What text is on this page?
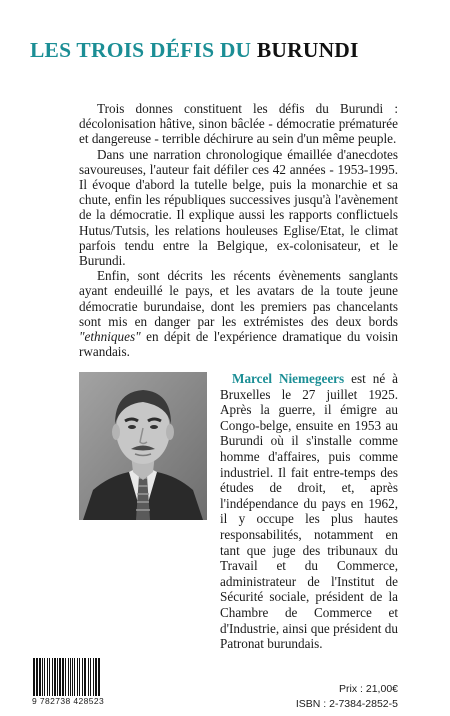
LES TROIS DÉFIS DU BURUNDI

Trois donnes constituent les défis du Burundi : décolonisation hâtive, sinon bâclée - démocratie prématurée et dangereuse - terrible déchirure au sein d'un même peuple.

Dans une narration chronologique émaillée d'anecdotes savoureuses, l'auteur fait défiler ces 42 années - 1953-1995. Il évoque d'abord la tutelle belge, puis la monarchie et sa chute, enfin les républiques successives jusqu'à l'avènement de la démocratie. Il explique aussi les rapports conflictuels Hutus/Tutsis, les relations houleuses Eglise/Etat, le climat parfois tendu entre la Belgique, ex-colonisateur, et le Burundi.

Enfin, sont décrits les récents évènements sanglants ayant endeuillé le pays, et les avatars de la toute jeune démocratie burundaise, dont les premiers pas chancelants sont mis en danger par les extrémistes des deux bords "ethniques" en dépit de l'expérience dramatique du voisin rwandais.

Marcel Niemegeers est né à Bruxelles le 27 juillet 1925. Après la guerre, il émigre au Congo-belge, ensuite en 1953 au Burundi où il s'installe comme homme d'affaires, puis comme industriel. Il fait entre-temps des études de droit, et, après l'indépendance du pays en 1962, il y occupe les plus hautes responsabilités, notamment en tant que juge des tribunaux du Travail et du Commerce, administrateur de l'Institut de Sécurité sociale, président de la Chambre de Commerce et d'Industrie, ainsi que président du Patronat burundais.

9 782738 428523
Prix : 21,00€
ISBN : 2-7384-2852-5
